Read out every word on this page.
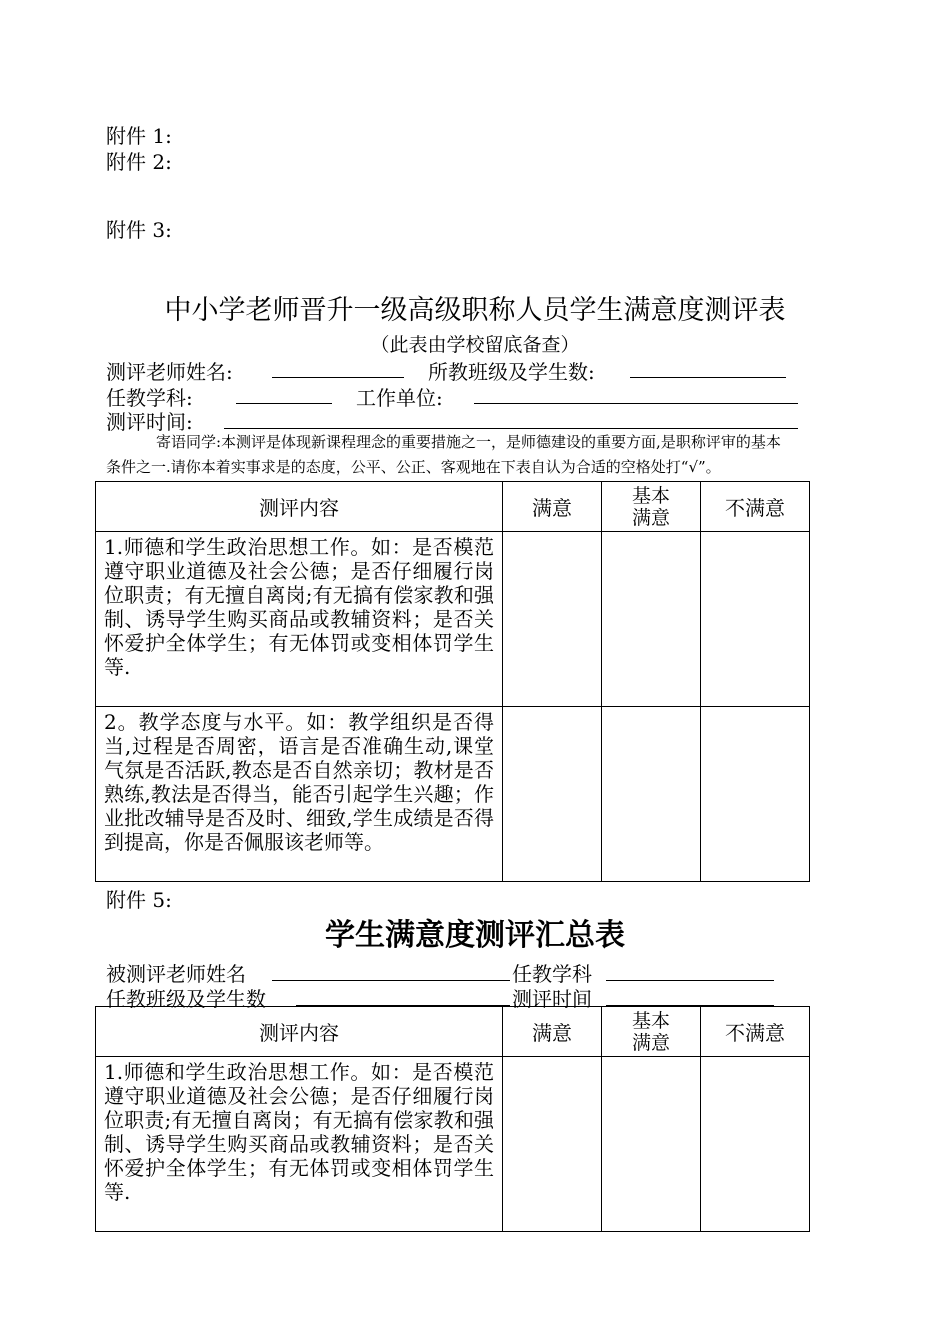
附件 1:
附件 2:
附件 3:
中小学老师晋升一级高级职称人员学生满意度测评表
（此表由学校留底备查）
测评老师姓名:	所教班级及学生数:
任教学科:	工作单位:
测评时间:
寄语同学:本测评是体现新课程理念的重要措施之一，是师德建设的重要方面,是职称评审的基本
条件之一.请你本着实事求是的态度，公平、公正、客观地在下表自认为合适的空格处打“√”。
测评内容	满意	基本满意	不满意
1.师德和学生政治思想工作。如：是否模范遵守职业道德及社会公德；是否仔细履行岗位职责；有无擅自离岗;有无搞有偿家教和强制、诱导学生购买商品或教辅资料；是否关怀爱护全体学生；有无体罚或变相体罚学生等.			
2。教学态度与水平。如：教学组织是否得当,过程是否周密，语言是否准确生动,课堂气氛是否活跃,教态是否自然亲切；教材是否熟练,教法是否得当，能否引起学生兴趣；作业批改辅导是否及时、细致,学生成绩是否得到提高，你是否佩服该老师等。			
附件 5:
学生满意度测评汇总表
被测评老师姓名	任教学科
任教班级及学生数	测评时间
测评内容	满意	基本满意	不满意
1.师德和学生政治思想工作。如：是否模范遵守职业道德及社会公德；是否仔细履行岗位职责;有无擅自离岗；有无搞有偿家教和强制、诱导学生购买商品或教辅资料；是否关怀爱护全体学生；有无体罚或变相体罚学生等.			
